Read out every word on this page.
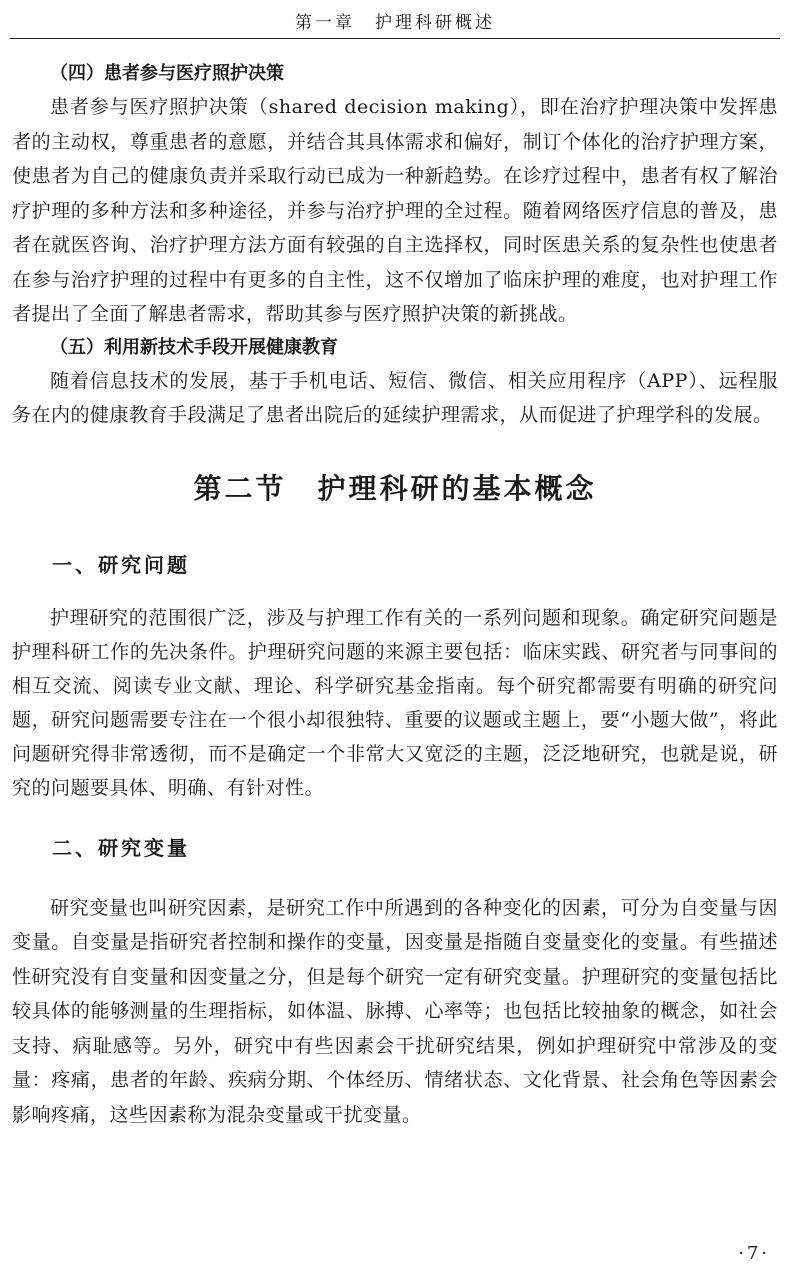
第一章　护理科研概述

（四）患者参与医疗照护决策

患者参与医疗照护决策（shared decision making），即在治疗护理决策中发挥患者的主动权，尊重患者的意愿，并结合其具体需求和偏好，制订个体化的治疗护理方案，使患者为自己的健康负责并采取行动已成为一种新趋势。在诊疗过程中，患者有权了解治疗护理的多种方法和多种途径，并参与治疗护理的全过程。随着网络医疗信息的普及，患者在就医咨询、治疗护理方法方面有较强的自主选择权，同时医患关系的复杂性也使患者在参与治疗护理的过程中有更多的自主性，这不仅增加了临床护理的难度，也对护理工作者提出了全面了解患者需求，帮助其参与医疗照护决策的新挑战。

（五）利用新技术手段开展健康教育

随着信息技术的发展，基于手机电话、短信、微信、相关应用程序（APP）、远程服务在内的健康教育手段满足了患者出院后的延续护理需求，从而促进了护理学科的发展。

第二节　护理科研的基本概念
一、研究问题

护理研究的范围很广泛，涉及与护理工作有关的一系列问题和现象。确定研究问题是护理科研工作的先决条件。护理研究问题的来源主要包括：临床实践、研究者与同事间的相互交流、阅读专业文献、理论、科学研究基金指南。每个研究都需要有明确的研究问题，研究问题需要专注在一个很小却很独特、重要的议题或主题上，要“小题大做”，将此问题研究得非常透彻，而不是确定一个非常大又宽泛的主题，泛泛地研究，也就是说，研究的问题要具体、明确、有针对性。

二、研究变量

研究变量也叫研究因素，是研究工作中所遇到的各种变化的因素，可分为自变量与因变量。自变量是指研究者控制和操作的变量，因变量是指随自变量变化的变量。有些描述性研究没有自变量和因变量之分，但是每个研究一定有研究变量。护理研究的变量包括比较具体的能够测量的生理指标，如体温、脉搏、心率等；也包括比较抽象的概念，如社会支持、病耻感等。另外，研究中有些因素会干扰研究结果，例如护理研究中常涉及的变量：疼痛，患者的年龄、疾病分期、个体经历、情绪状态、文化背景、社会角色等因素会影响疼痛，这些因素称为混杂变量或干扰变量。

·7·
